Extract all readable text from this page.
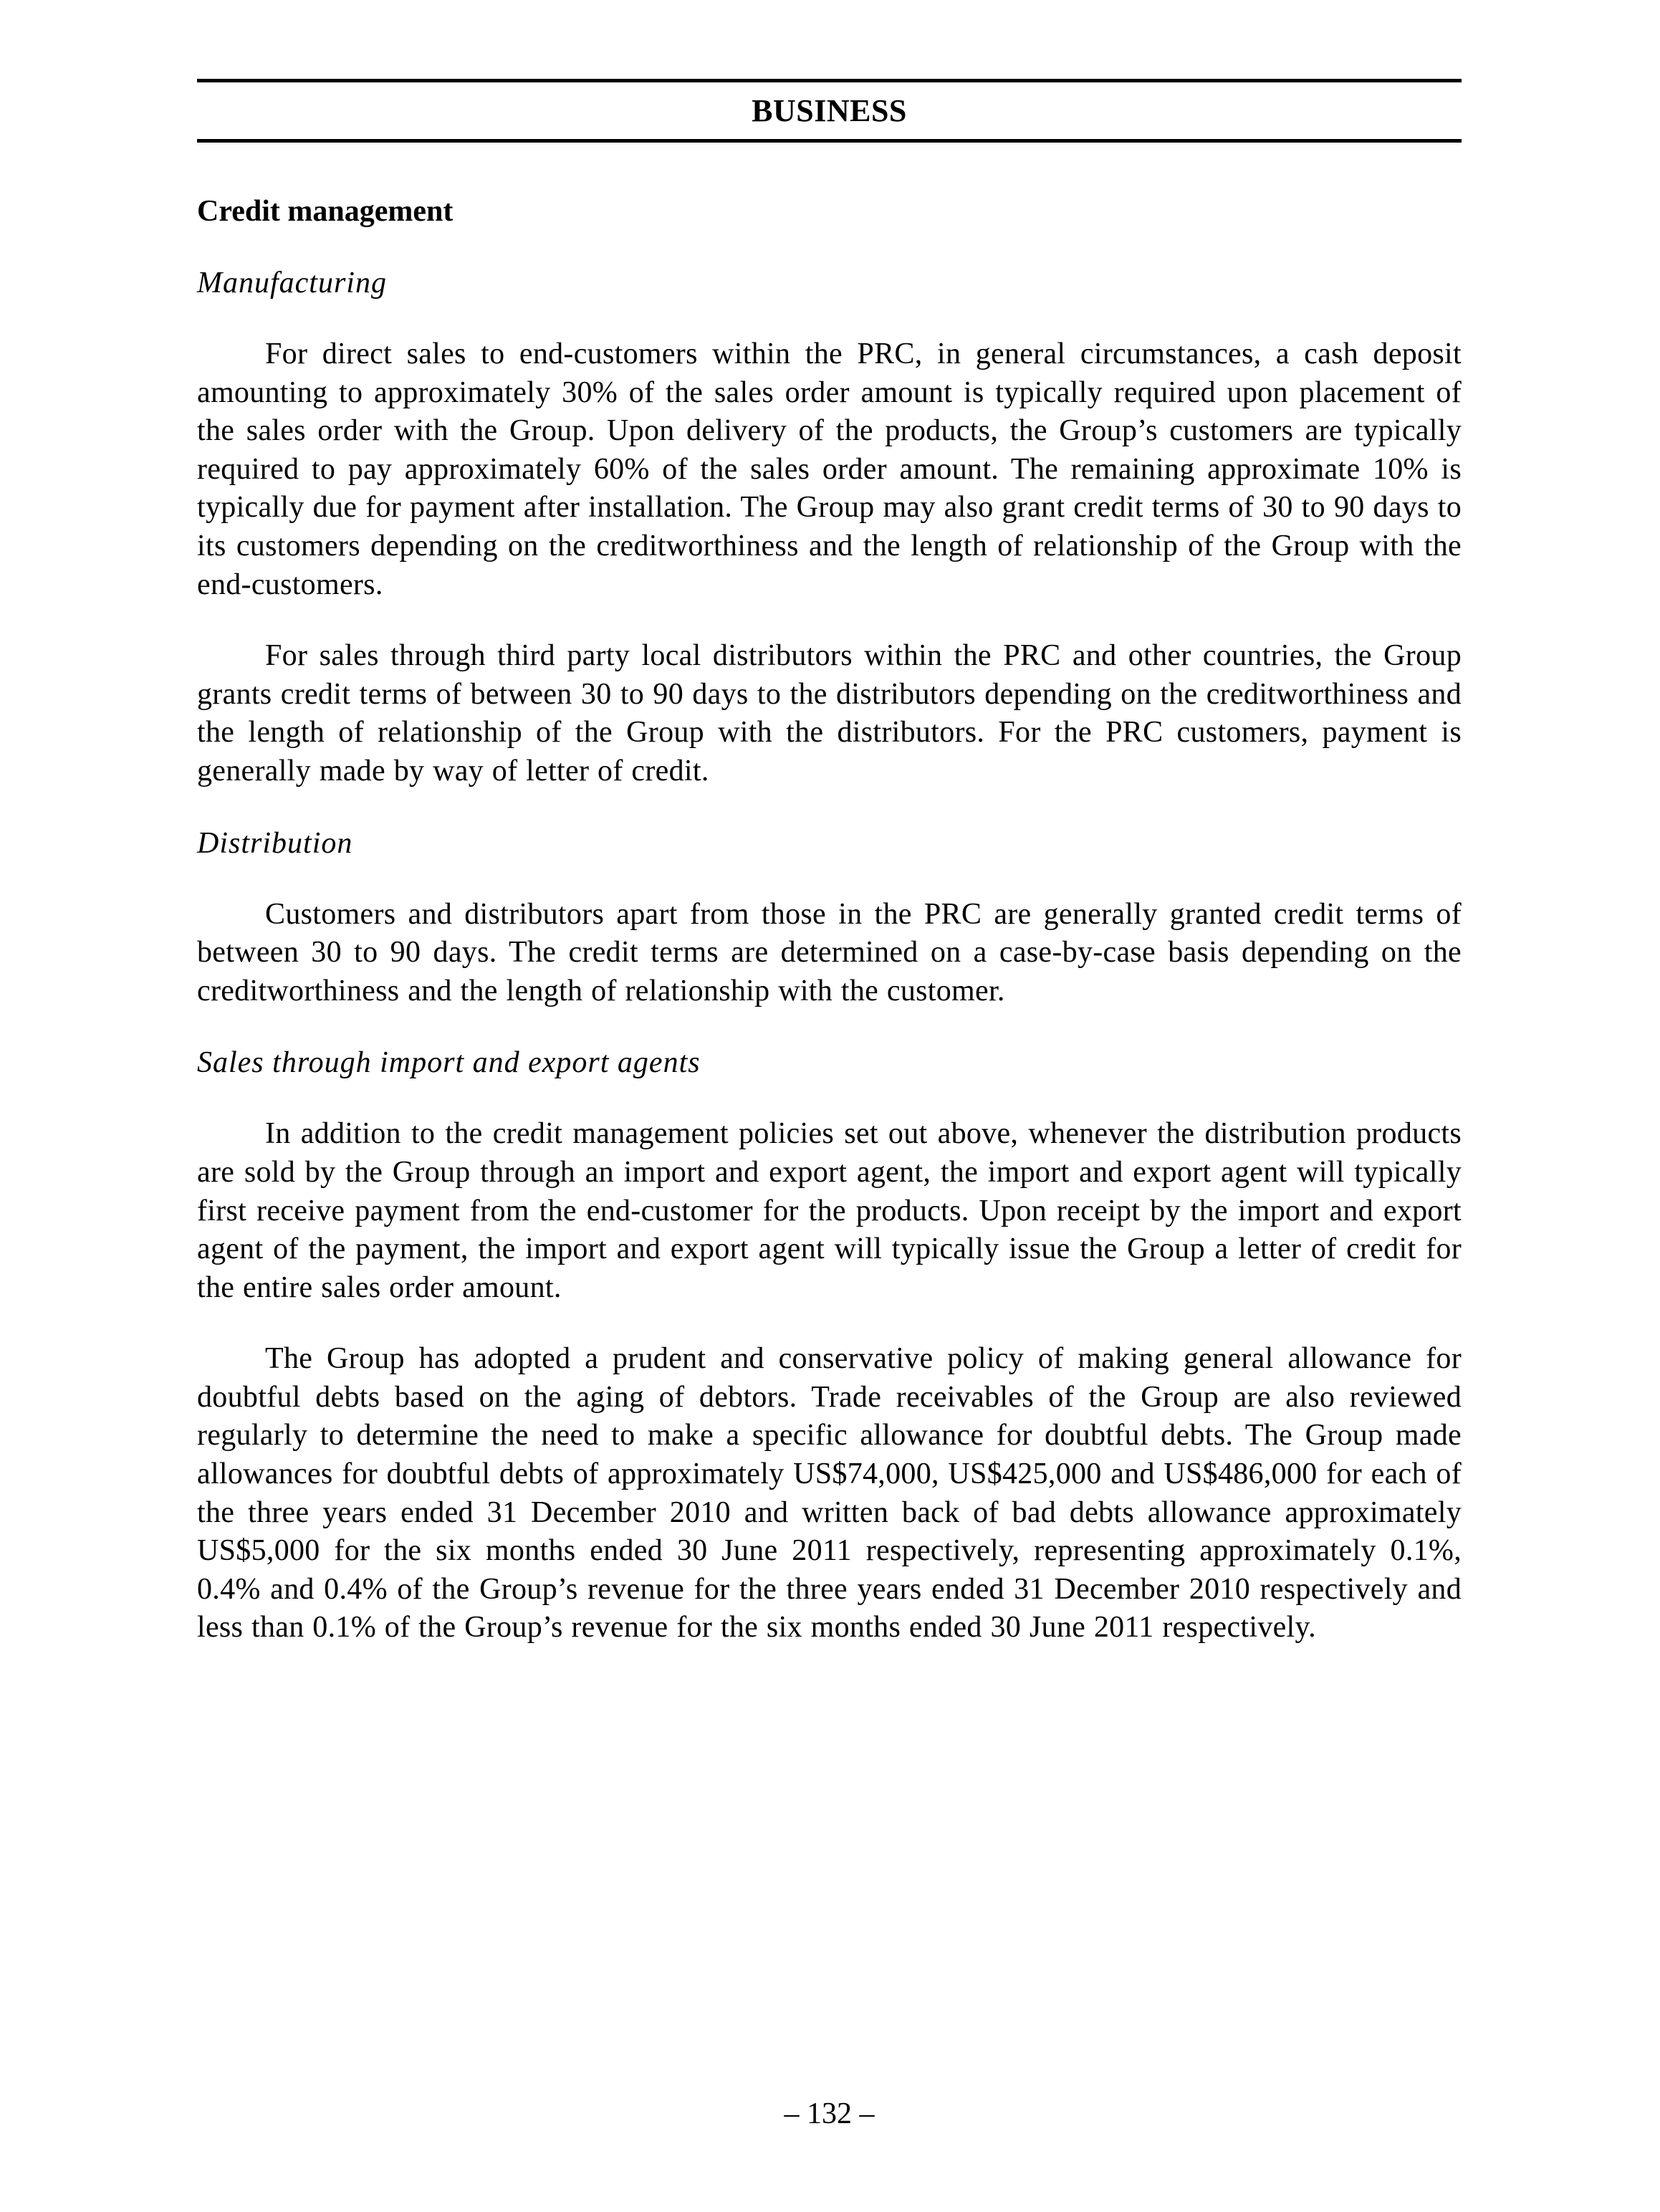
BUSINESS
Credit management
Manufacturing

For direct sales to end-customers within the PRC, in general circumstances, a cash deposit amounting to approximately 30% of the sales order amount is typically required upon placement of the sales order with the Group. Upon delivery of the products, the Group’s customers are typically required to pay approximately 60% of the sales order amount. The remaining approximate 10% is typically due for payment after installation. The Group may also grant credit terms of 30 to 90 days to its customers depending on the creditworthiness and the length of relationship of the Group with the end-customers.

For sales through third party local distributors within the PRC and other countries, the Group grants credit terms of between 30 to 90 days to the distributors depending on the creditworthiness and the length of relationship of the Group with the distributors. For the PRC customers, payment is generally made by way of letter of credit.

Distribution

Customers and distributors apart from those in the PRC are generally granted credit terms of between 30 to 90 days. The credit terms are determined on a case-by-case basis depending on the creditworthiness and the length of relationship with the customer.

Sales through import and export agents

In addition to the credit management policies set out above, whenever the distribution products are sold by the Group through an import and export agent, the import and export agent will typically first receive payment from the end-customer for the products. Upon receipt by the import and export agent of the payment, the import and export agent will typically issue the Group a letter of credit for the entire sales order amount.

The Group has adopted a prudent and conservative policy of making general allowance for doubtful debts based on the aging of debtors. Trade receivables of the Group are also reviewed regularly to determine the need to make a specific allowance for doubtful debts. The Group made allowances for doubtful debts of approximately US$74,000, US$425,000 and US$486,000 for each of the three years ended 31 December 2010 and written back of bad debts allowance approximately US$5,000 for the six months ended 30 June 2011 respectively, representing approximately 0.1%, 0.4% and 0.4% of the Group’s revenue for the three years ended 31 December 2010 respectively and less than 0.1% of the Group’s revenue for the six months ended 30 June 2011 respectively.

– 132 –
